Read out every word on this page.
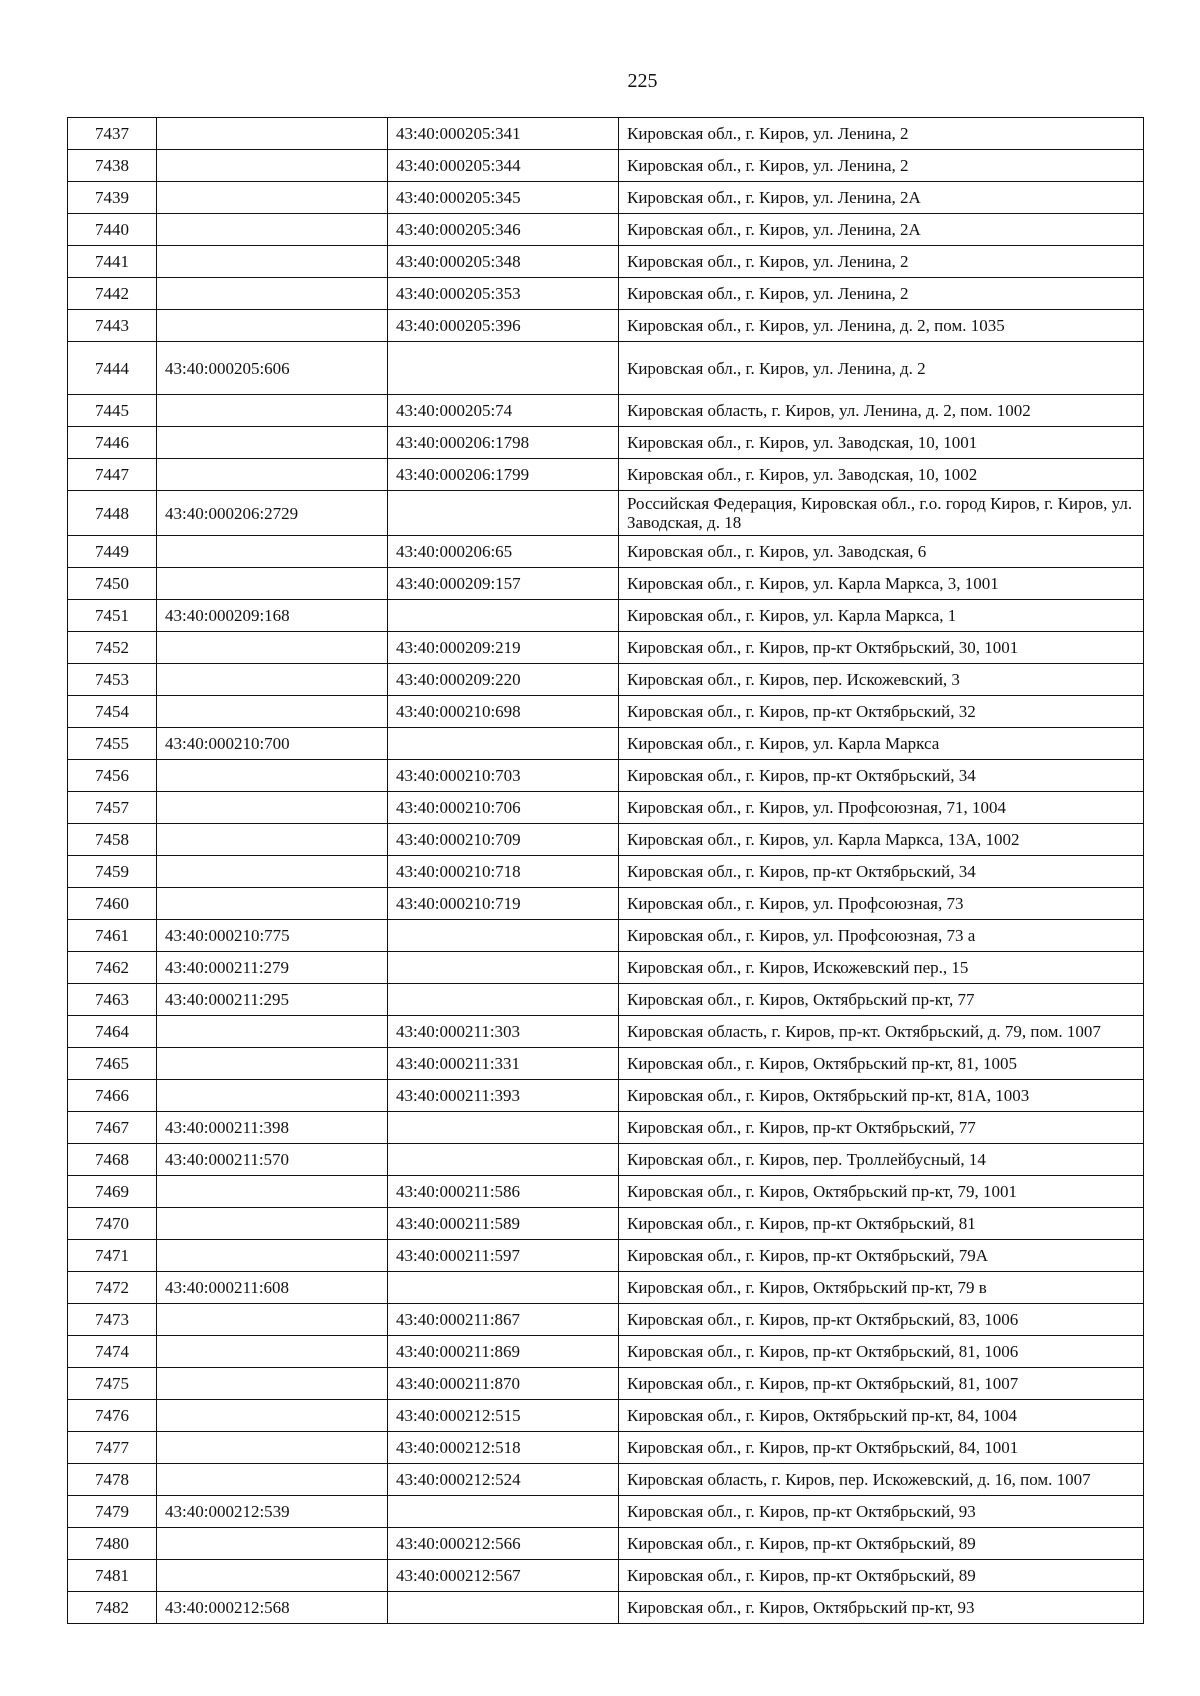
225
7437		43:40:000205:341	Кировская обл., г. Киров, ул. Ленина, 2
7438		43:40:000205:344	Кировская обл., г. Киров, ул. Ленина, 2
7439		43:40:000205:345	Кировская обл., г. Киров, ул. Ленина, 2А
7440		43:40:000205:346	Кировская обл., г. Киров, ул. Ленина, 2А
7441		43:40:000205:348	Кировская обл., г. Киров, ул. Ленина, 2
7442		43:40:000205:353	Кировская обл., г. Киров, ул. Ленина, 2
7443		43:40:000205:396	Кировская обл., г. Киров, ул. Ленина, д. 2, пом. 1035
7444	43:40:000205:606		Кировская обл., г. Киров, ул. Ленина, д. 2
7445		43:40:000205:74	Кировская область, г. Киров, ул. Ленина, д. 2, пом. 1002
7446		43:40:000206:1798	Кировская обл., г. Киров, ул. Заводская, 10, 1001
7447		43:40:000206:1799	Кировская обл., г. Киров, ул. Заводская, 10, 1002
7448	43:40:000206:2729		Российская Федерация, Кировская обл., г.о. город Киров, г. Киров, ул. Заводская, д. 18
7449		43:40:000206:65	Кировская обл., г. Киров, ул. Заводская, 6
7450		43:40:000209:157	Кировская обл., г. Киров, ул. Карла Маркса, 3, 1001
7451	43:40:000209:168		Кировская обл., г. Киров, ул. Карла Маркса, 1
7452		43:40:000209:219	Кировская обл., г. Киров, пр-кт Октябрьский, 30, 1001
7453		43:40:000209:220	Кировская обл., г. Киров, пер. Искожевский, 3
7454		43:40:000210:698	Кировская обл., г. Киров, пр-кт Октябрьский, 32
7455	43:40:000210:700		Кировская обл., г. Киров, ул. Карла Маркса
7456		43:40:000210:703	Кировская обл., г. Киров, пр-кт Октябрьский, 34
7457		43:40:000210:706	Кировская обл., г. Киров, ул. Профсоюзная, 71, 1004
7458		43:40:000210:709	Кировская обл., г. Киров, ул. Карла Маркса, 13А, 1002
7459		43:40:000210:718	Кировская обл., г. Киров, пр-кт Октябрьский, 34
7460		43:40:000210:719	Кировская обл., г. Киров, ул. Профсоюзная, 73
7461	43:40:000210:775		Кировская обл., г. Киров, ул. Профсоюзная, 73 а
7462	43:40:000211:279		Кировская обл., г. Киров, Искожевский пер., 15
7463	43:40:000211:295		Кировская обл., г. Киров, Октябрьский пр-кт, 77
7464		43:40:000211:303	Кировская область, г. Киров, пр-кт. Октябрьский, д. 79, пом. 1007
7465		43:40:000211:331	Кировская обл., г. Киров, Октябрьский пр-кт, 81, 1005
7466		43:40:000211:393	Кировская обл., г. Киров, Октябрьский пр-кт, 81А, 1003
7467	43:40:000211:398		Кировская обл., г. Киров, пр-кт Октябрьский, 77
7468	43:40:000211:570		Кировская обл., г. Киров, пер. Троллейбусный, 14
7469		43:40:000211:586	Кировская обл., г. Киров, Октябрьский пр-кт, 79, 1001
7470		43:40:000211:589	Кировская обл., г. Киров, пр-кт Октябрьский, 81
7471		43:40:000211:597	Кировская обл., г. Киров, пр-кт Октябрьский, 79А
7472	43:40:000211:608		Кировская обл., г. Киров, Октябрьский пр-кт, 79 в
7473		43:40:000211:867	Кировская обл., г. Киров, пр-кт Октябрьский, 83, 1006
7474		43:40:000211:869	Кировская обл., г. Киров, пр-кт Октябрьский, 81, 1006
7475		43:40:000211:870	Кировская обл., г. Киров, пр-кт Октябрьский, 81, 1007
7476		43:40:000212:515	Кировская обл., г. Киров, Октябрьский пр-кт, 84, 1004
7477		43:40:000212:518	Кировская обл., г. Киров, пр-кт Октябрьский, 84, 1001
7478		43:40:000212:524	Кировская область, г. Киров, пер. Искожевский, д. 16, пом. 1007
7479	43:40:000212:539		Кировская обл., г. Киров, пр-кт Октябрьский, 93
7480		43:40:000212:566	Кировская обл., г. Киров, пр-кт Октябрьский, 89
7481		43:40:000212:567	Кировская обл., г. Киров, пр-кт Октябрьский, 89
7482	43:40:000212:568		Кировская обл., г. Киров, Октябрьский пр-кт, 93
